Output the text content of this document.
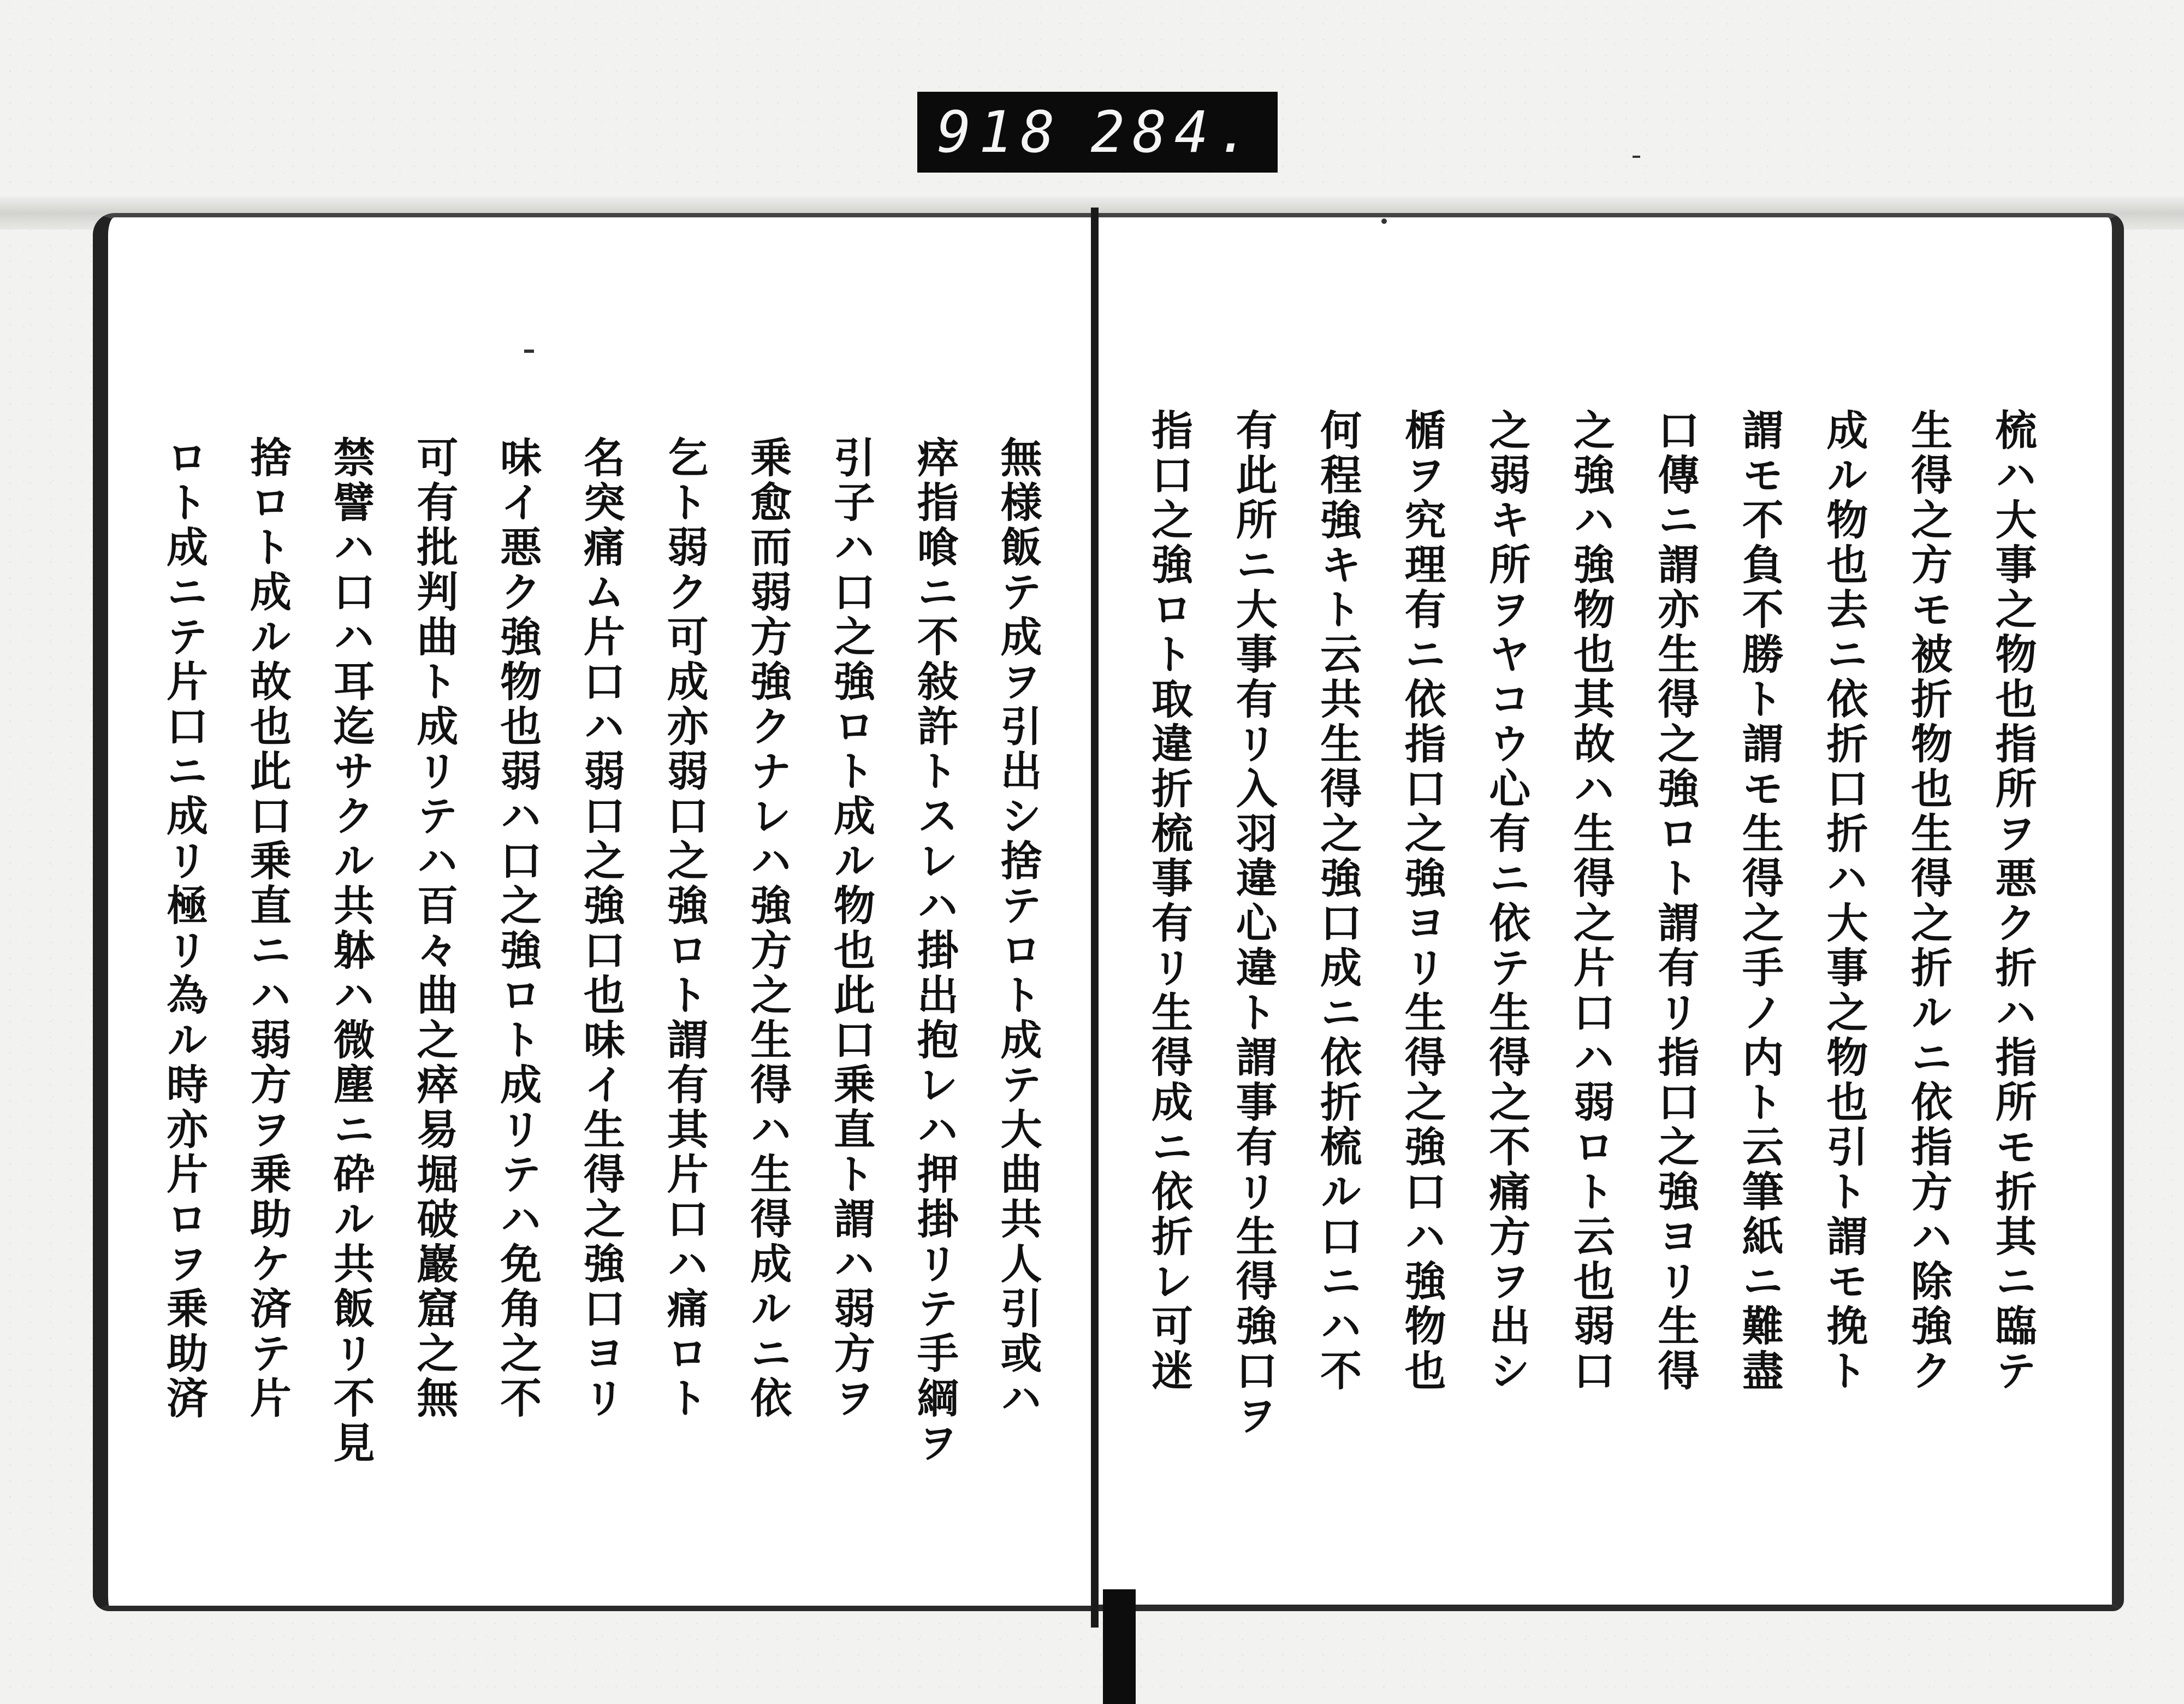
918 284.
無様飯テ成ヲ引出シ捨テロト成テ大曲共人引或ハ
瘁指喰ニ不敍許トスレハ掛出抱レハ押掛リテ手綱ヲ
引子ハ口之強ロト成ル物也此口乗直ト謂ハ弱方ヲ
乗愈而弱方強クナレハ強方之生得ハ生得成ルニ依
乞ト弱ク可成亦弱口之強ロト謂有其片口ハ痛ロト
名突痛ム片口ハ弱口之強口也味イ生得之強口ヨリ
味イ悪ク強物也弱ハ口之強ロト成リテハ免角之不
可有批判曲ト成リテハ百々曲之瘁易堀破巖窟之無
禁譬ハ口ハ耳迄サクル共躰ハ微塵ニ砕ル共飯リ不見
捨ロト成ル故也此口乗直ニハ弱方ヲ乗助ケ済テ片
ロト成ニテ片口ニ成リ極リ為ル時亦片ロヲ乗助済	梳ハ大事之物也指所ヲ悪ク折ハ指所モ折其ニ臨テ
生得之方モ被折物也生得之折ルニ依指方ハ除強ク
成ル物也去ニ依折口折ハ大事之物也引ト謂モ挽ト
謂モ不負不勝ト謂モ生得之手ノ内ト云筆紙ニ難盡
口傳ニ謂亦生得之強ロト謂有リ指口之強ヨリ生得
之強ハ強物也其故ハ生得之片口ハ弱ロト云也弱口
之弱キ所ヲヤコウ心有ニ依テ生得之不痛方ヲ出シ
楯ヲ究理有ニ依指口之強ヨリ生得之強口ハ強物也
何程強キト云共生得之強口成ニ依折梳ル口ニハ不
有此所ニ大事有リ入羽違心違ト謂事有リ生得強口ヲ
指口之強ロト取違折梳事有リ生得成ニ依折レ可迷
